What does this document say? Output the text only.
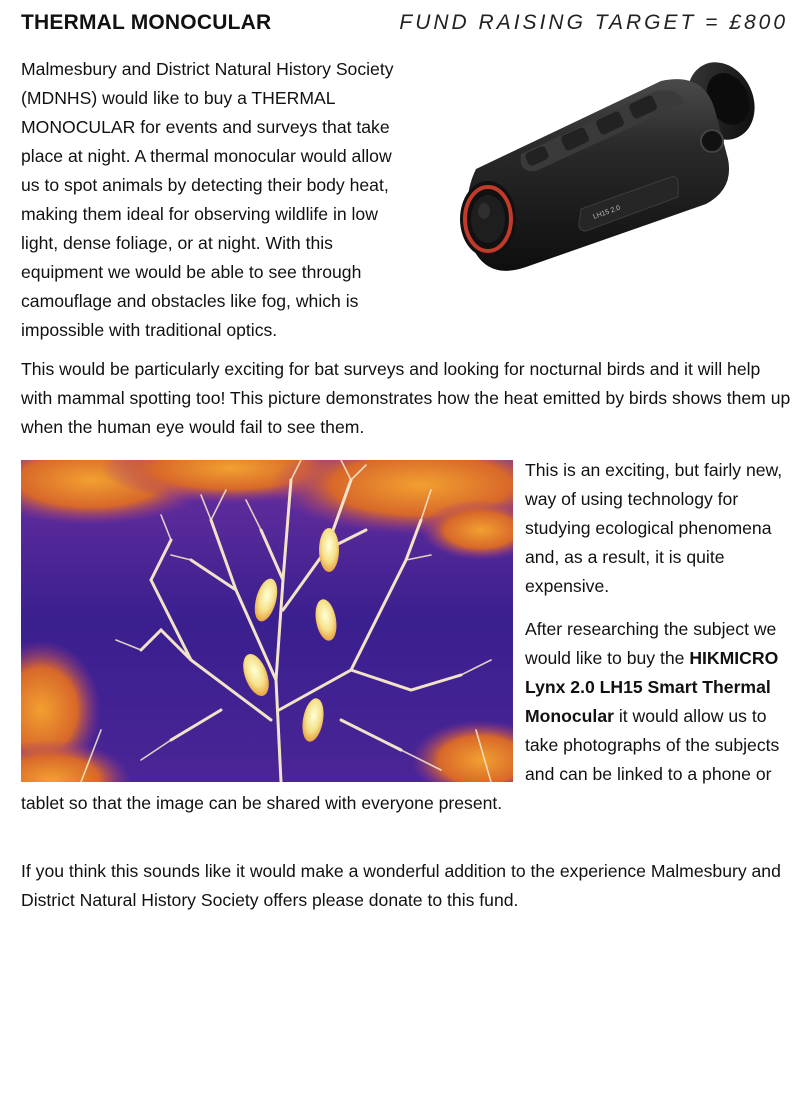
THERMAL MONOCULAR	FUND RAISING TARGET = £800
LH15 2.0

Malmesbury and District Natural History Society (MDNHS) would like to buy a THERMAL MONOCULAR for events and surveys that take place at night. A thermal monocular would allow us to spot animals by detecting their body heat, making them ideal for observing wildlife in low light, dense foliage, or at night. With this equipment we would be able to see through camouflage and obstacles like fog, which is impossible with traditional optics.

This would be particularly exciting for bat surveys and looking for nocturnal birds and it will help with mammal spotting too! This picture demonstrates how the heat emitted by birds shows them up when the human eye would fail to see them.

This is an exciting, but fairly new, way of using technology for studying ecological phenomena and, as a result, it is quite expensive.

After researching the subject we would like to buy the HIKMICRO Lynx 2.0 LH15 Smart Thermal Monocular it would allow us to take photographs of the subjects and can be linked to a phone or tablet so that the image can be shared with everyone present.

If you think this sounds like it would make a wonderful addition to the experience Malmesbury and District Natural History Society offers please donate to this fund.
